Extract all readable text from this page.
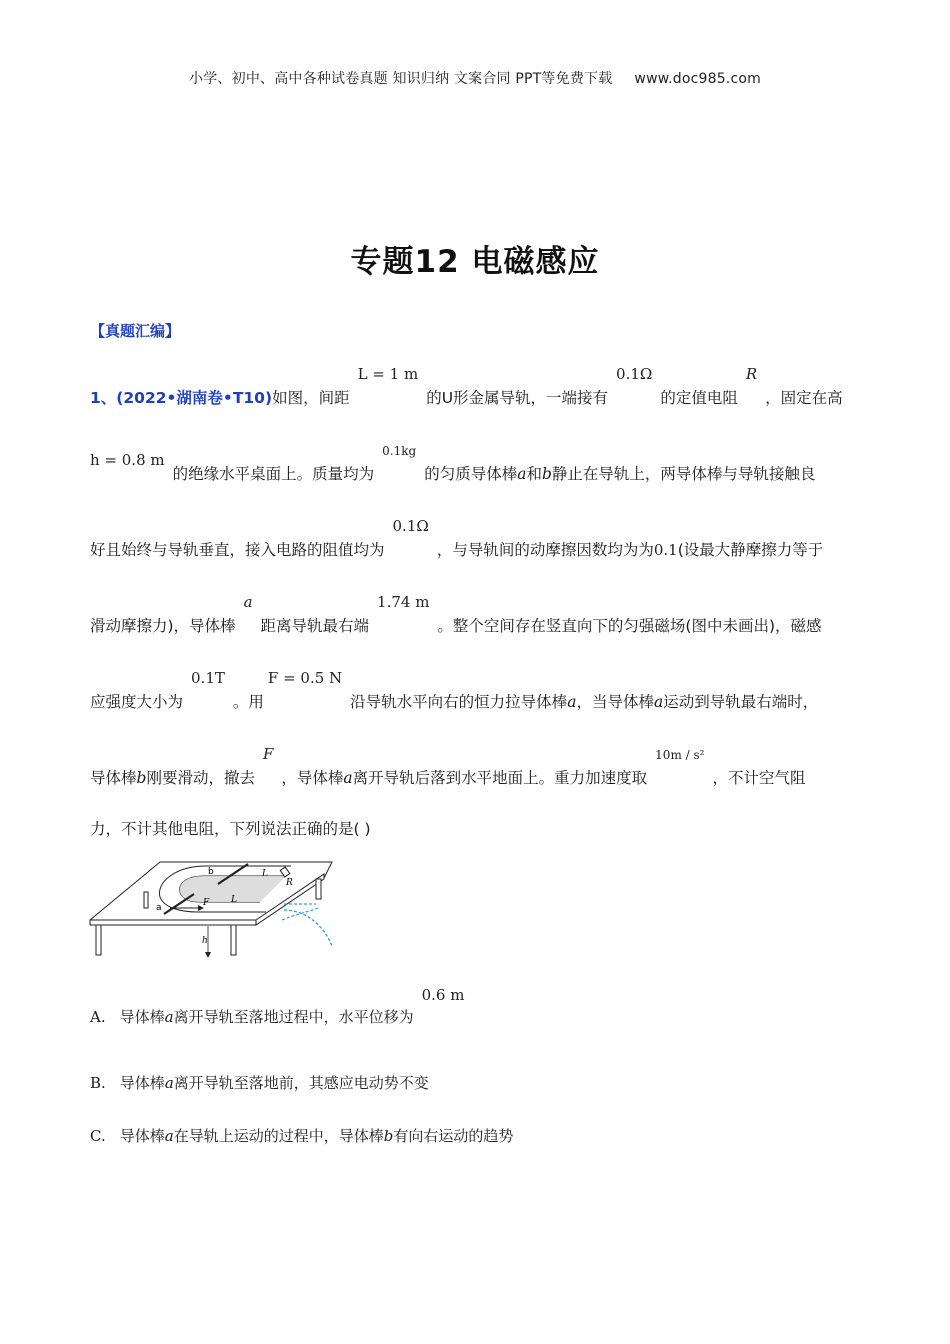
小学、初中、高中各种试卷真题 知识归纳 文案合同 PPT等免费下载 www.doc985.com
专题12 电磁感应
【真题汇编】
1、(2022•湖南卷•T10)如图，间距L = 1 m的U形金属导轨，一端接有0.1Ω的定值电阻R，固定在高
h = 0.8 m的绝缘水平桌面上。质量均为0.1kg的匀质导体棒a和b静止在导轨上，两导体棒与导轨接触良
好且始终与导轨垂直，接入电路的阻值均为0.1Ω，与导轨间的动摩擦因数均为为0.1(设最大静摩擦力等于
滑动摩擦力)，导体棒a距离导轨最右端1.74 m。整个空间存在竖直向下的匀强磁场(图中未画出)，磁感
应强度大小为0.1T。用F = 0.5 N沿导轨水平向右的恒力拉导体棒a，当导体棒a运动到导轨最右端时，
导体棒b刚要滑动，撤去F，导体棒a离开导轨后落到水平地面上。重力加速度取10m / s²，不计空气阻
力，不计其他电阻，下列说法正确的是( )
b
a	F
L
L
R
h
A. 导体棒a离开导轨至落地过程中，水平位移为0.6 m
B. 导体棒a离开导轨至落地前，其感应电动势不变
C. 导体棒a在导轨上运动的过程中，导体棒b有向右运动的趋势
